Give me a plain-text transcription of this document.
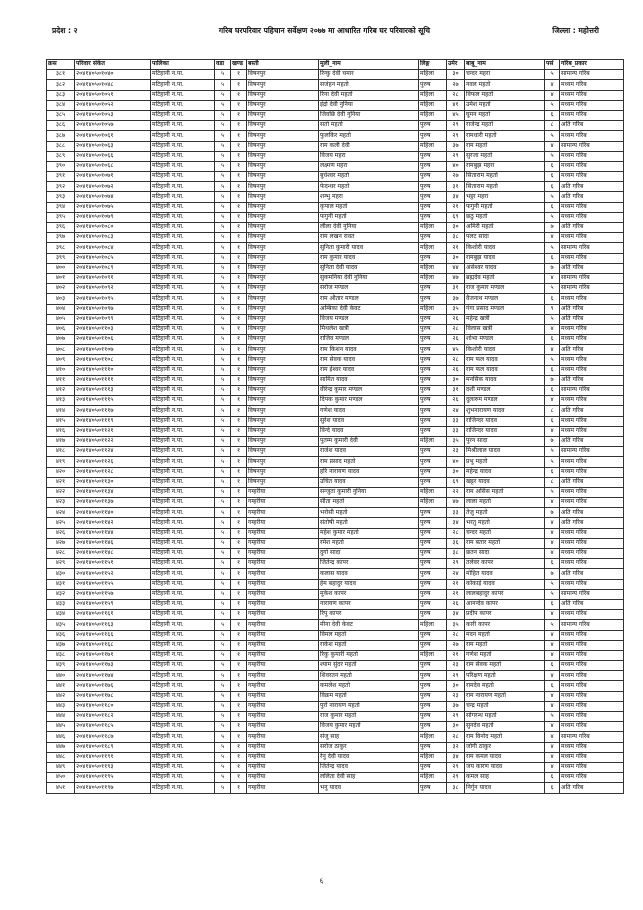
प्रदेश : २	गरिब घरपरिवार पहिचान सर्वेक्षण २०७७ मा आधारित गरिब घर परिवारको सूचि	जिल्ला : महोत्तरी
क्रस	परिवार संकेत	पालिका	वडा	खण्ड	बस्ती	मुली_नाम	लिङ्ग	उमेर	बाबु_नाम	पसं	गरिब_प्रकार
३८१	२०४१४०५०१०४०	मटिहानी न.पा.	५	१	विषनपुर	रिन्कु देवी चमार	महिला	३०	चन्दर महरा	५	सामान्य गरिब
३८२	२०४१४०५०१०४८	मटिहानी न.पा.	५	१	विषनपुर	सजंहन महतो	पुरुष	२७	नवल महतो	४	मध्यम गरिब
३८३	२०४१४०५०१०५१	मटिहानी न.पा.	५	१	विषनपुर	रिना देवी महतो	महिला	२८	विफल महतो	४	मध्यम गरिब
३८४	२०४१४०५०१०५२	मटिहानी न.पा.	५	१	विषनपुर	इंद्रो देवी नुनिया	महिला	४१	उमेश महतो	५	मध्यम गरिब
३८५	२०४१४०५०१०५३	मटिहानी न.पा.	५	१	विषनपुर	जिवछि देवी नुनिया	महिला	४५	घुमन महतो	६	मध्यम गरिब
३८६	२०४१४०५०१०५७	मटिहानी न.पा.	५	१	विषनपुर	सतो महतो	पुरुष	२९	राजेन्द्र महतो	८	अति गरिब
३८७	२०४१४०५०१०६१	मटिहानी न.पा.	५	१	विषनपुर	फुलकिर महतो	पुरुष	२९	रामधारी महतो	५	मध्यम गरिब
३८८	२०४१४०५०१०६३	मटिहानी न.पा.	५	१	विषनपुर	राम कली देवी	महिला	३७	राम महतो	४	सामान्य गरिब
३८९	२०४१४०५०१०६६	मटिहानी न.पा.	५	१	विषनपुर	विजय महरा	पुरुष	२९	सुरजा महतो	५	मध्यम गरिब
३९०	२०४१४०५०१०६८	मटिहानी न.पा.	५	१	विषनपुर	लक्ष्मण महरा	पुरुष	४०	रामबुझ महरा	६	मध्यम गरिब
३९१	२०४१४०५०१०७१	मटिहानी न.पा.	५	१	विषनपुर	बुधेश्वर महतो	पुरुष	२७	सिताराम महतो	६	मध्यम गरिब
३९२	२०४१४०५०१०७२	मटिहानी न.पा.	५	१	विषनपुर	फेदन्धर महतो	पुरुष	३१	सिताराम महतो	६	अति गरिब
३९३	२०४१४०५०१०७४	मटिहानी न.पा.	५	१	विषनपुर	शम्भु महरा	पुरुष	३४	भट्ठर महरा	५	अति गरिब
३९४	२०४१४०५०१०७५	मटिहानी न.पा.	५	१	विषनपुर	कृपाल महतो	पुरुष	२१	फगुनी महतो	६	मध्यम गरिब
३९५	२०४१४०५०१०७९	मटिहानी न.पा.	५	१	विषनपुर	फगुनी महतो	पुरुष	६९	छठु महतो	५	मध्यम गरिब
३९६	२०४१४०५०१०८०	मटिहानी न.पा.	५	१	विषनपुर	लीला देवी नुनिया	महिला	३०	अमिरी महतो	७	अति गरिब
३९७	२०४१४०५०१०८३	मटिहानी न.पा.	५	१	विषनपुर	राम लखन रावत	पुरुष	३८	पलट सादा	४	मध्यम गरिब
३९८	२०४१४०५०१०८४	मटिहानी न.पा.	५	१	विषनपुर	सुनिता कुमारी यादव	महिला	२१	किशोरी यादव	५	सामान्य गरिब
३९९	२०४१४०५०१०८५	मटिहानी न.पा.	५	१	विषनपुर	राम कुमार यादव	पुरुष	३०	रामबुझ यादव	६	मध्यम गरिब
४००	२०४१४०५०१०८९	मटिहानी न.पा.	५	१	विषनपुर	सुनिता देवी यादव	महिला	४४	असेश्वर यादव	७	अति गरिब
४०१	२०४१४०५०१०९१	मटिहानी न.पा.	५	१	विषनपुर	सुकमनिया देवी नुनिया	महिला	४७	ब्रह्मदेव महतो	४	सामान्य गरिब
४०२	२०४१४०५०१०९२	मटिहानी न.पा.	५	१	विषनपुर	सरोज मण्डल	पुरुष	३१	राज कुमार मण्डल	५	सामान्य गरिब
४०३	२०४१४०५०१०९५	मटिहानी न.पा.	५	१	विषनपुर	राम औतार मण्डल	पुरुष	३७	वैजनाथ मण्डल	६	मध्यम गरिब
४०४	२०४१४०५०१०९७	मटिहानी न.पा.	५	१	विषनपुर	अम्बिका देवी केवट	महिला	३५	गंगा प्रसाद मण्डल	९	अति गरिब
४०५	२०४१४०५०१०९९	मटिहानी न.पा.	५	१	विषनपुर	विजय मण्डल	पुरुष	२६	महेन्द्र खत्री	५	अति गरिब
४०६	२०४१४०५०११०३	मटिहानी न.पा.	५	१	विषनपुर	मिथलेश खत्री	पुरुष	२८	विलास खत्री	४	मध्यम गरिब
४०७	२०४१४०५०११०६	मटिहानी न.पा.	५	१	विषनपुर	राजिव मण्डल	पुरुष	२६	शोभा मण्डल	६	मध्यम गरिब
४०८	२०४१४०५०११०७	मटिहानी न.पा.	५	१	विषनपुर	राम किशन यादव	पुरुष	४५	किशोरी यादव	४	अति गरिब
४०९	२०४१४०५०११०८	मटिहानी न.पा.	५	१	विषनपुर	राम सेवक यादव	पुरुष	२८	राम फल यादव	५	मध्यम गरिब
४१०	२०४१४०५०१११०	मटिहानी न.पा.	५	१	विषनपुर	राम ईश्वर यादव	पुरुष	२६	राम फल यादव	६	मध्यम गरिब
४११	२०४१४०५०११११	मटिहानी न.पा.	५	१	विषनपुर	सामित यादव	पुरुष	३०	मनसिक यादव	७	अति गरिब
४१२	२०४१४०५०१११३	मटिहानी न.पा.	५	१	विषनपुर	वीरेन्द्र कुमार मण्डल	पुरुष	३१	दशी मण्डल	६	सामान्य गरिब
४१३	२०४१४०५०१११५	मटिहानी न.पा.	५	१	विषनपुर	दिपक कुमार मण्डल	पुरुष	२६	दुलारुम मण्डल	४	मध्यम गरिब
४१४	२०४१४०५०१११७	मटिहानी न.पा.	५	१	विषनपुर	गणेश यादव	पुरुष	२४	शुभनारायण यादव	८	अति गरिब
४१५	२०४१४०५०१११९	मटिहानी न.पा.	५	१	विषनपुर	सुरेश यादव	पुरुष	३३	राजिन्दर यादव	६	मध्यम गरिब
४१६	२०४१४०५०११२१	मटिहानी न.पा.	५	१	विषनपुर	विन्दे यादव	पुरुष	३३	राजिन्दर यादव	४	मध्यम गरिब
४१७	२०४१४०५०११२२	मटिहानी न.पा.	५	१	विषनपुर	पुतम्म कुमारी देवी	महिला	३५	पुरन सादा	७	अति गरिब
४१८	२०४१४०५०११२४	मटिहानी न.पा.	५	१	विषनपुर	राजेश यादव	पुरुष	२३	मिश्रीलाल यादव	५	सामान्य गरिब
४१९	२०४१४०५०११२६	मटिहानी न.पा.	५	१	विषनपुर	राम प्रसाद महतो	पुरुष	४०	प्रभु महतो	५	मध्यम गरिब
४२०	२०४१४०५०११२८	मटिहानी न.पा.	५	१	विषनपुर	हरि नारायण यादव	पुरुष	३०	महेन्द्र यादव	६	मध्यम गरिब
४२१	२०४१४०५०११३०	मटिहानी न.पा.	५	१	विषनपुर	उचित यादव	पुरुष	६९	खट्टर यादव	८	अति गरिब
४२२	२०४१४०५०११३४	मटिहानी न.पा.	५	१	गम्हरीया	सन्जुता कुमारी नुनिया	महिला	२२	राम असिस महतो	५	मध्यम गरिब
४२३	२०४१४०५०११३७	मटिहानी न.पा.	५	१	गम्हरीया	सीता महतो	महिला	४७	लाला महतो	४	मध्यम गरिब
४२४	२०४१४०५०११४०	मटिहानी न.पा.	५	१	गम्हरीया	भरोसी महतो	पुरुष	३३	तेजु महतो	७	अति गरिब
४२५	२०४१४०५०११४२	मटिहानी न.पा.	५	१	गम्हरीया	संतोषी महतो	पुरुष	३४	भरतु महतो	४	अति गरिब
४२६	२०४१४०५०११४४	मटिहानी न.पा.	५	१	गम्हरीया	महेश कुमार महतो	पुरुष	२८	चन्दर महतो	४	मध्यम गरिब
४२७	२०४१४०५०११४६	मटिहानी न.पा.	५	१	गम्हरीया	रमेश महतो	पुरुष	३६	राम बतार महतो	४	मध्यम गरिब
४२८	२०४१४०५०११४८	मटिहानी न.पा.	५	१	गम्हरीया	दुर्गा सादा	पुरुष	३८	छतन सादा	४	मध्यम गरिब
४२९	२०४१४०५०११५१	मटिहानी न.पा.	५	१	गम्हरीया	जितेन्द्र कापर	पुरुष	२९	तलेवर कापर	६	मध्यम गरिब
४३०	२०४१४०५०११५२	मटिहानी न.पा.	५	१	गम्हरीया	कलास यादव	पुरुष	२४	मोहित यादव	७	अति गरिब
४३१	२०४१४०५०११५५	मटिहानी न.पा.	५	१	गम्हरीया	हेम बहादुर यादव	पुरुष	२१	कोकाई यादव	५	मध्यम गरिब
४३२	२०४१४०५०११५७	मटिहानी न.पा.	५	१	गम्हरीया	मुकेश कापर	पुरुष	२१	लालबहादुर कापर	५	सामान्य गरिब
४३३	२०४१४०५०११५९	मटिहानी न.पा.	५	१	गम्हरीया	नारायण कापर	पुरुष	२६	आनन्देव कापर	६	अति गरिब
४३४	२०४१४०५०११६१	मटिहानी न.पा.	५	१	गम्हरीया	रिपु कापर	पुरुष	३४	प्रदीप कापर	४	मध्यम गरिब
४३५	२०४१४०५०११६३	मटिहानी न.पा.	५	१	गम्हरीया	मीना देवी केवट	महिला	३५	कारी कापर	५	सामान्य गरिब
४३६	२०४१४०५०११६६	मटिहानी न.पा.	५	१	गम्हरीया	विमल महतो	पुरुष	२८	मदन महतो	४	मध्यम गरिब
४३७	२०४१४०५०११६८	मटिहानी न.पा.	५	१	गम्हरीया	राकेश महतो	पुरुष	२७	राम महतो	४	मध्यम गरिब
४३८	२०४१४०५०११७१	मटिहानी न.पा.	५	१	गम्हरीया	रिकु कुमारी महतो	महिला	२१	गणेश महतो	४	मध्यम गरिब
४३९	२०४१४०५०११७३	मटिहानी न.पा.	५	१	गम्हरीया	श्याम सुंदर महतो	पुरुष	२३	राम सेवक महतो	६	मध्यम गरिब
४४०	२०४१४०५०११७४	मटिहानी न.पा.	५	१	गम्हरीया	शिवरतन महतो	पुरुष	२९	परिक्षण महतो	४	मध्यम गरिब
४४१	२०४१४०५०११७६	मटिहानी न.पा.	५	१	गम्हरीया	कमलेश महतो	पुरुष	३०	रामदेव महतो	६	मध्यम गरिब
४४२	२०४१४०५०११७८	मटिहानी न.पा.	५	१	गम्हरीया	विक्रम महतो	पुरुष	२३	राम नारायण महतो	४	मध्यम गरिब
४४३	२०४१४०५०११८०	मटिहानी न.पा.	५	१	गम्हरीया	पुरो नारायण महतो	पुरुष	३७	चन्द्र महतो	४	मध्यम गरिब
४४४	२०४१४०५०११८२	मटिहानी न.पा.	५	१	गम्हरीया	राज कुमार महतो	पुरुष	२९	सोगरन्थ महतो	५	मध्यम गरिब
४४५	२०४१४०५०११८५	मटिहानी न.पा.	५	१	गम्हरीया	विजय कुमार महतो	पुरुष	३०	सुनदेव महतो	४	मध्यम गरिब
४४६	२०४१४०५०११८७	मटिहानी न.पा.	५	१	गम्हरीया	संजु साह	महिला	२८	राम विनोद महतो	४	सामान्य गरिब
४४७	२०४१४०५०११८९	मटिहानी न.पा.	५	१	गम्हरीया	सरोज ठाकुर	पुरुष	३२	जोगी ठाकुर	४	मध्यम गरिब
४४८	२०४१४०५०११९१	मटिहानी न.पा.	५	१	गम्हरीया	रेनु देवी यादव	महिला	३४	राम कमल यादव	४	मध्यम गरिब
४४९	२०४१४०५०११९३	मटिहानी न.पा.	५	१	गम्हरीया	जितेन्द्र यादव	पुरुष	२९	जय कारण यादव	४	मध्यम गरिब
४५०	२०४१४०५०११९५	मटिहानी न.पा.	५	१	गम्हरीया	ललिता देवी साह	महिला	२९	कमल साह	६	मध्यम गरिब
४५१	२०४१४०५०११९७	मटिहानी न.पा.	५	१	गम्हरीया	भनु यादव	पुरुष	३८	निर्गुन यादव	६	अति गरिब
६
